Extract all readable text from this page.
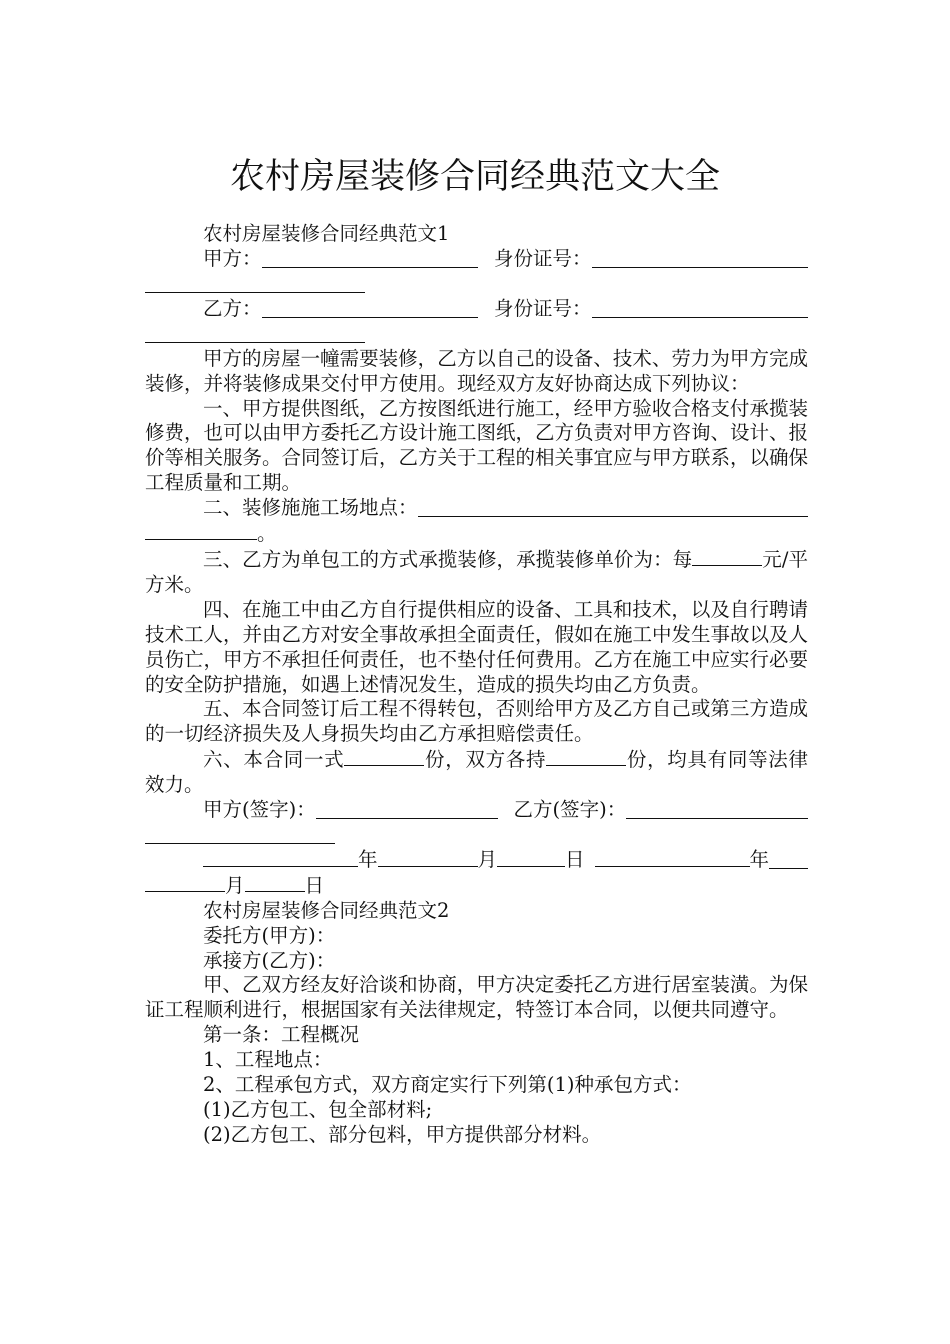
农村房屋装修合同经典范文大全

农村房屋装修合同经典范文1

甲方：	身份证号：
乙方：	身份证号：

甲方的房屋一幢需要装修，乙方以自己的设备、技术、劳力为甲方完成装修，并将装修成果交付甲方使用。现经双方友好协商达成下列协议：

一、甲方提供图纸，乙方按图纸进行施工，经甲方验收合格支付承揽装修费，也可以由甲方委托乙方设计施工图纸，乙方负责对甲方咨询、设计、报价等相关服务。合同签订后，乙方关于工程的相关事宜应与甲方联系，以确保工程质量和工期。

二、装修施施工场地点：

。

三、乙方为单包工的方式承揽装修，承揽装修单价为：每	元/平方米。

四、在施工中由乙方自行提供相应的设备、工具和技术，以及自行聘请技术工人，并由乙方对安全事故承担全面责任，假如在施工中发生事故以及人员伤亡，甲方不承担任何责任，也不垫付任何费用。乙方在施工中应实行必要的安全防护措施，如遇上述情况发生，造成的损失均由乙方负责。

五、本合同签订后工程不得转包，否则给甲方及乙方自己或第三方造成的一切经济损失及人身损失均由乙方承担赔偿责任。

六、本合同一式	份，双方各持	份，均具有同等法律效力。

甲方(签字)：	乙方(签字)：
年	月	日	年

月	日

农村房屋装修合同经典范文2

委托方(甲方)：

承接方(乙方)：

甲、乙双方经友好洽谈和协商，甲方决定委托乙方进行居室装潢。为保证工程顺利进行，根据国家有关法律规定，特签订本合同，以便共同遵守。

第一条：工程概况

1、工程地点：

2、工程承包方式，双方商定实行下列第(1)种承包方式：

(1)乙方包工、包全部材料;

(2)乙方包工、部分包料，甲方提供部分材料。
